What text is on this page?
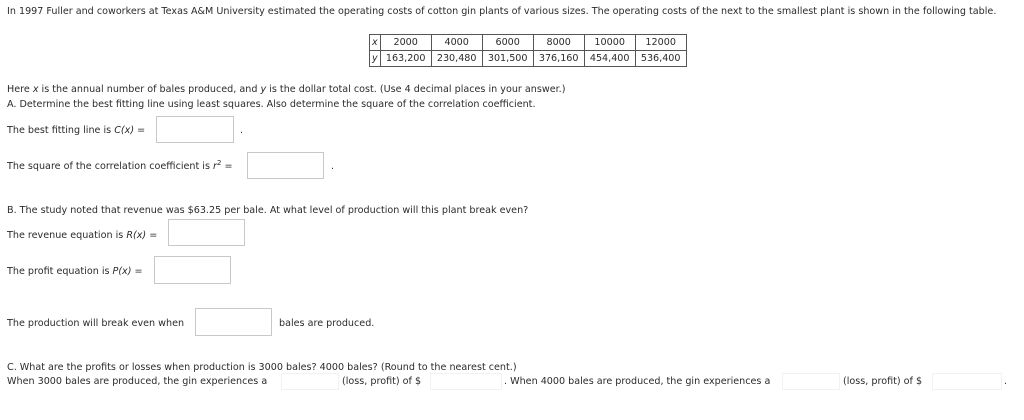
In 1997 Fuller and coworkers at Texas A&M University estimated the operating costs of cotton gin plants of various sizes. The operating costs of the next to the smallest plant is shown in the following table.
x	2000	4000	6000	8000	10000	12000
y	163,200	230,480	301,500	376,160	454,400	536,400
Here x is the annual number of bales produced, and y is the dollar total cost. (Use 4 decimal places in your answer.)
A. Determine the best fitting line using least squares. Also determine the square of the correlation coefficient.
The best fitting line is C(x) =	.
The square of the correlation coefficient is $r^2$ =	.
B. The study noted that revenue was $63.25 per bale. At what level of production will this plant break even?
The revenue equation is R(x) =
The profit equation is P(x) =
The production will break even when	bales are produced.
C. What are the profits or losses when production is 3000 bales? 4000 bales? (Round to the nearest cent.)
When 3000 bales are produced, the gin experiences a	(loss, profit) of $	. When 4000 bales are produced, the gin experiences a	(loss, profit) of $	.
